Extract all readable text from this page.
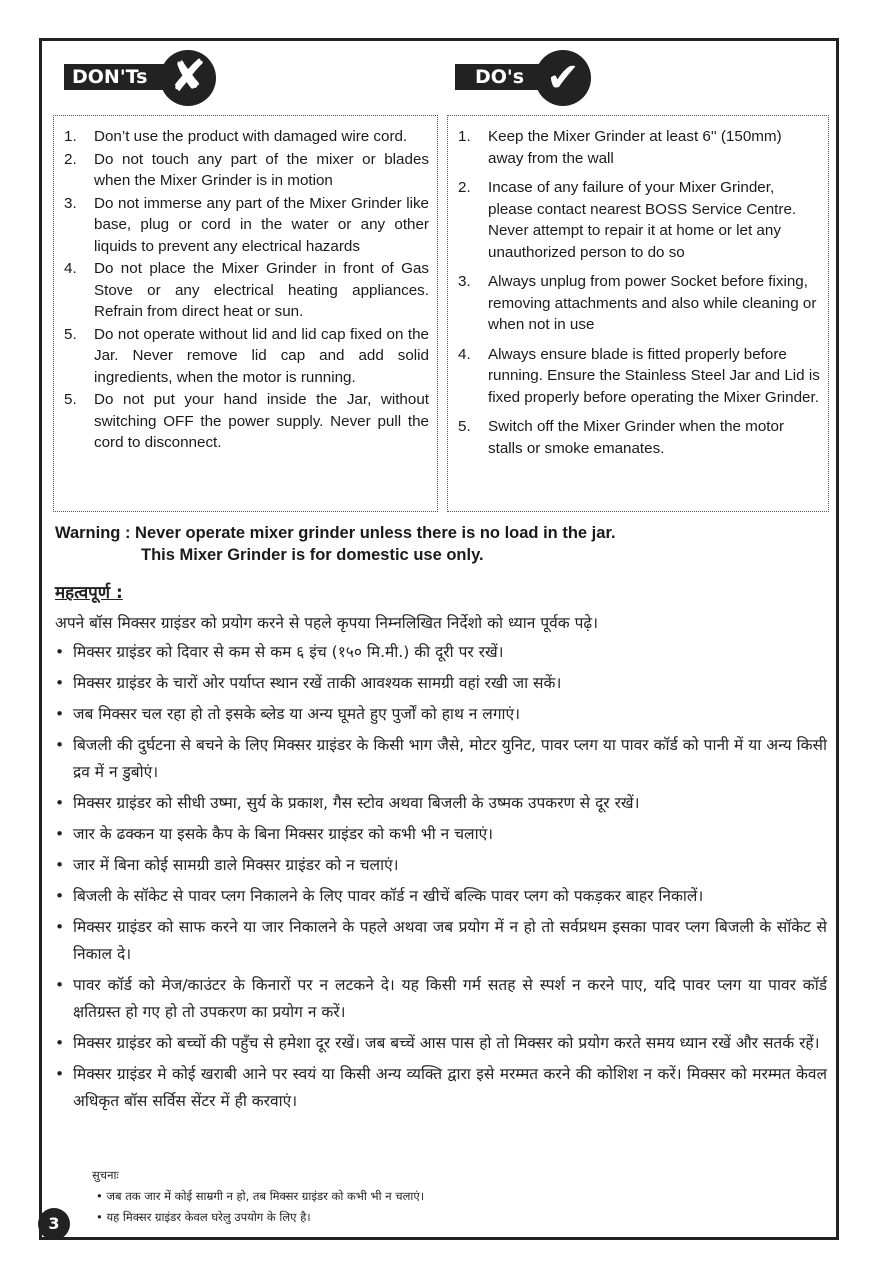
DON'Ts ✘	DO's ✔
1. Don’t use the product with damaged wire cord.
2. Do not touch any part of the mixer or blades when the Mixer Grinder is in motion
3. Do not immerse any part of the Mixer Grinder like base, plug or cord in the water or any other liquids to prevent any electrical hazards
4. Do not place the Mixer Grinder in front of Gas Stove or any electrical heating appliances. Refrain from direct heat or sun.
5. Do not operate without lid and lid cap fixed on the Jar. Never remove lid cap and add solid ingredients, when the motor is running.
5. Do not put your hand inside the Jar, without switching OFF the power supply. Never pull the cord to disconnect.
1. Keep the Mixer Grinder at least 6'' (150mm) away from the wall
2. Incase of any failure of your Mixer Grinder, please contact nearest BOSS Service Centre. Never attempt to repair it at home or let any unauthorized person to do so
3. Always unplug from power Socket before fixing, removing attachments and also while cleaning or when not in use
4. Always ensure blade is fitted properly before running. Ensure the Stainless Steel Jar and Lid is fixed properly before operating the Mixer Grinder.
5. Switch off the Mixer Grinder when the motor stalls or smoke emanates.
Warning : Never operate mixer grinder unless there is no load in the jar.
This Mixer Grinder is for domestic use only.
महत्वपूर्ण :
अपने बॉस मिक्सर ग्राइंडर को प्रयोग करने से पहले कृपया निम्नलिखित निर्देशो को ध्यान पूर्वक पढ़े।
• मिक्सर ग्राइंडर को दिवार से कम से कम ६ इंच (१५० मि.मी.) की दूरी पर रखें।
• मिक्सर ग्राइंडर के चारों ओर पर्याप्त स्थान रखें ताकी आवश्यक सामग्री वहां रखी जा सकें।
• जब मिक्सर चल रहा हो तो इसके ब्लेड या अन्य घूमते हुए पुर्जों को हाथ न लगाएं।
• बिजली की दुर्घटना से बचने के लिए मिक्सर ग्राइंडर के किसी भाग जैसे, मोटर युनिट, पावर प्लग या पावर कॉर्ड को पानी में या अन्य किसी द्रव में न डुबोएं।
• मिक्सर ग्राइंडर को सीधी उष्मा, सुर्य के प्रकाश, गैस स्टोव अथवा बिजली के उष्मक उपकरण से दूर रखें।
• जार के ढक्कन या इसके कैप के बिना मिक्सर ग्राइंडर को कभी भी न चलाएं।
• जार में बिना कोई सामग्री डाले मिक्सर ग्राइंडर को न चलाएं।
• बिजली के सॉकेट से पावर प्लग निकालने के लिए पावर कॉर्ड न खीचें बल्कि पावर प्लग को पकड़कर बाहर निकालें।
• मिक्सर ग्राइंडर को साफ करने या जार निकालने के पहले अथवा जब प्रयोग में न हो तो सर्वप्रथम इसका पावर प्लग बिजली के सॉकेट से निकाल दे।
• पावर कॉर्ड को मेज/काउंटर के किनारों पर न लटकने दे। यह किसी गर्म सतह से स्पर्श न करने पाए, यदि पावर प्लग या पावर कॉर्ड क्षतिग्रस्त हो गए हो तो उपकरण का प्रयोग न करें।
• मिक्सर ग्राइंडर को बच्चों की पहुँच से हमेशा दूर रखें। जब बच्चें आस पास हो तो मिक्सर को प्रयोग करते समय ध्यान रखें और सतर्क रहें।
• मिक्सर ग्राइंडर मे कोई खराबी आने पर स्वयं या किसी अन्य व्यक्ति द्वारा इसे मरम्मत करने की कोशिश न करें। मिक्सर को मरम्मत केवल अधिकृत बॉस सर्विस सेंटर में ही करवाएं।
सुचनाः
• जब तक जार में कोई साम्रगी न हो, तब मिक्सर ग्राइंडर को कभी भी न चलाएं।
• यह मिक्सर ग्राइंडर केवल घरेलु उपयोग के लिए है।
3
